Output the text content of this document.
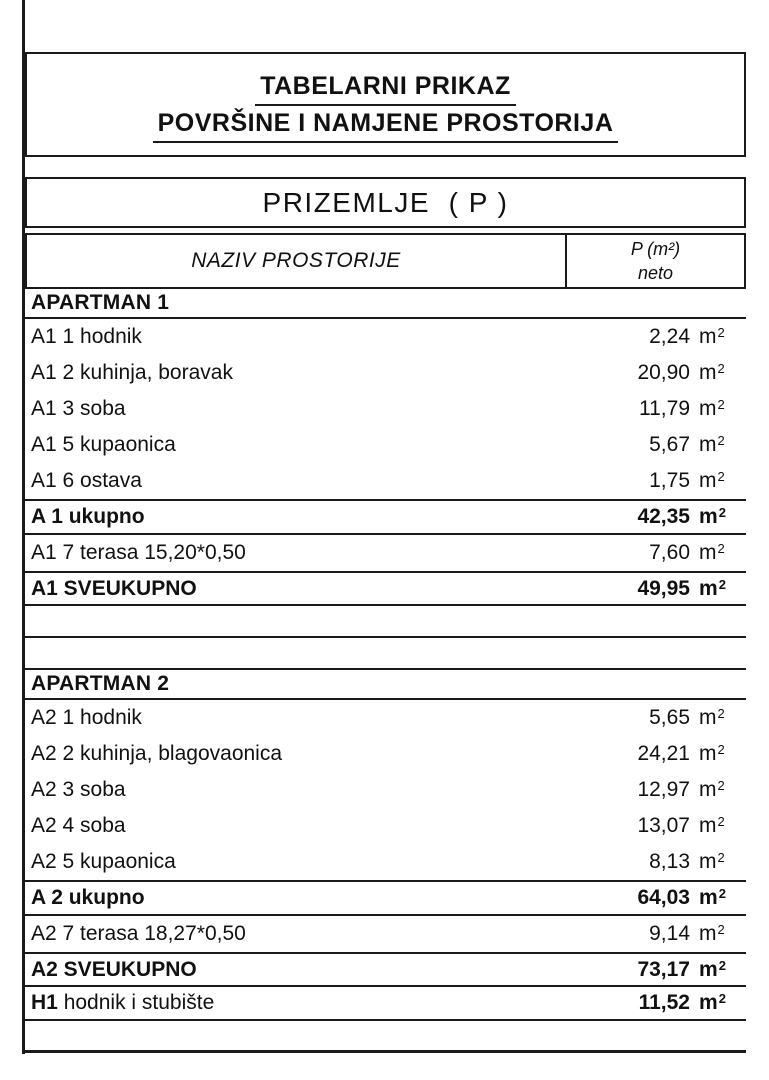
TABELARNI PRIKAZ
POVRŠINE I NAMJENE PROSTORIJA
PRIZEMLJE  ( P )
NAZIV PROSTORIJE	P (m²)
neto
APARTMAN 1
A1 1 hodnik	2,24 $m^2$
A1 2 kuhinja, boravak	20,90 $m^2$
A1 3 soba	11,79 $m^2$
A1 5 kupaonica	5,67 $m^2$
A1 6 ostava	1,75 $m^2$
A 1 ukupno	42,35 $m^2$
A1 7 terasa 15,20*0,50	7,60 $m^2$
A1 SVEUKUPNO	49,95 $m^2$
APARTMAN 2
A2 1 hodnik	5,65 $m^2$
A2 2 kuhinja, blagovaonica	24,21 $m^2$
A2 3 soba	12,97 $m^2$
A2 4 soba	13,07 $m^2$
A2 5 kupaonica	8,13 $m^2$
A 2 ukupno	64,03 $m^2$
A2 7 terasa 18,27*0,50	9,14 $m^2$
A2 SVEUKUPNO	73,17 $m^2$
H1 hodnik i stubište	11,52 $m^2$
